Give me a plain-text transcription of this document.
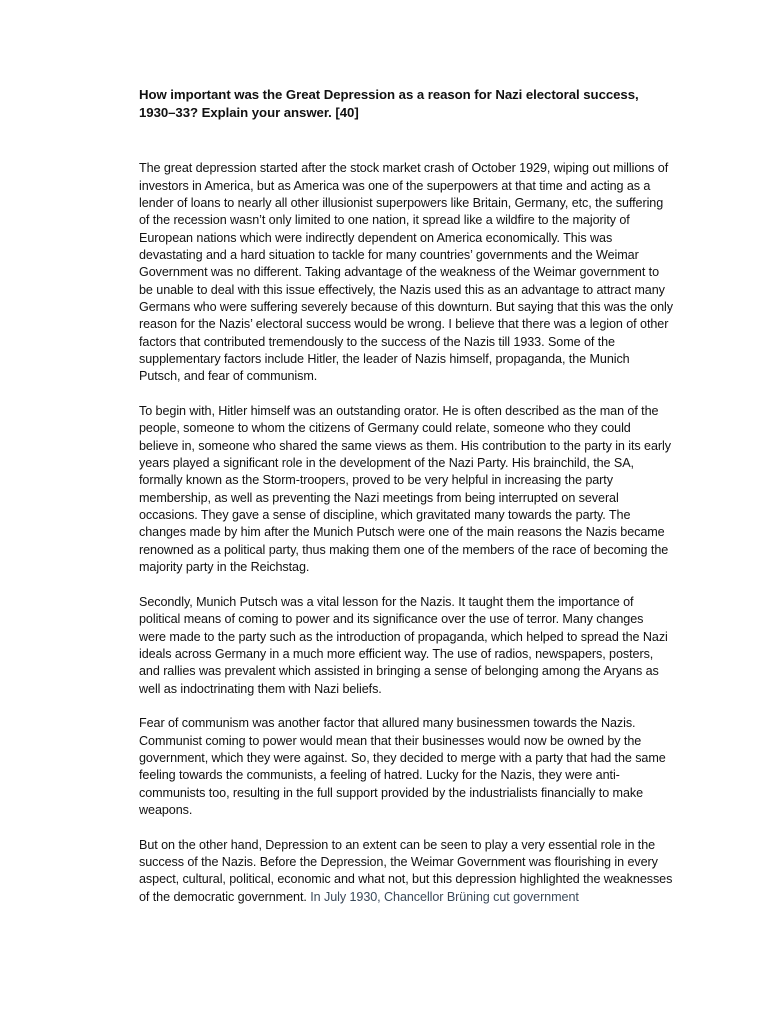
How important was the Great Depression as a reason for Nazi electoral success, 1930–33? Explain your answer. [40]

The great depression started after the stock market crash of October 1929, wiping out millions of investors in America, but as America was one of the superpowers at that time and acting as a lender of loans to nearly all other illusionist superpowers like Britain, Germany, etc, the suffering of the recession wasn’t only limited to one nation, it spread like a wildfire to the majority of European nations which were indirectly dependent on America economically. This was devastating and a hard situation to tackle for many countries’ governments and the Weimar Government was no different. Taking advantage of the weakness of the Weimar government to be unable to deal with this issue effectively, the Nazis used this as an advantage to attract many Germans who were suffering severely because of this downturn. But saying that this was the only reason for the Nazis’ electoral success would be wrong. I believe that there was a legion of other factors that contributed tremendously to the success of the Nazis till 1933. Some of the supplementary factors include Hitler, the leader of Nazis himself, propaganda, the Munich Putsch, and fear of communism.

To begin with, Hitler himself was an outstanding orator. He is often described as the man of the people, someone to whom the citizens of Germany could relate, someone who they could believe in, someone who shared the same views as them. His contribution to the party in its early years played a significant role in the development of the Nazi Party. His brainchild, the SA, formally known as the Storm-troopers, proved to be very helpful in increasing the party membership, as well as preventing the Nazi meetings from being interrupted on several occasions. They gave a sense of discipline, which gravitated many towards the party. The changes made by him after the Munich Putsch were one of the main reasons the Nazis became renowned as a political party, thus making them one of the members of the race of becoming the majority party in the Reichstag.

Secondly, Munich Putsch was a vital lesson for the Nazis. It taught them the importance of political means of coming to power and its significance over the use of terror. Many changes were made to the party such as the introduction of propaganda, which helped to spread the Nazi ideals across Germany in a much more efficient way. The use of radios, newspapers, posters, and rallies was prevalent which assisted in bringing a sense of belonging among the Aryans as well as indoctrinating them with Nazi beliefs.

Fear of communism was another factor that allured many businessmen towards the Nazis. Communist coming to power would mean that their businesses would now be owned by the government, which they were against. So, they decided to merge with a party that had the same feeling towards the communists, a feeling of hatred. Lucky for the Nazis, they were anti-communists too, resulting in the full support provided by the industrialists financially to make weapons.

But on the other hand, Depression to an extent can be seen to play a very essential role in the success of the Nazis. Before the Depression, the Weimar Government was flourishing in every aspect, cultural, political, economic and what not, but this depression highlighted the weaknesses of the democratic government. In July 1930, Chancellor Brüning cut government
